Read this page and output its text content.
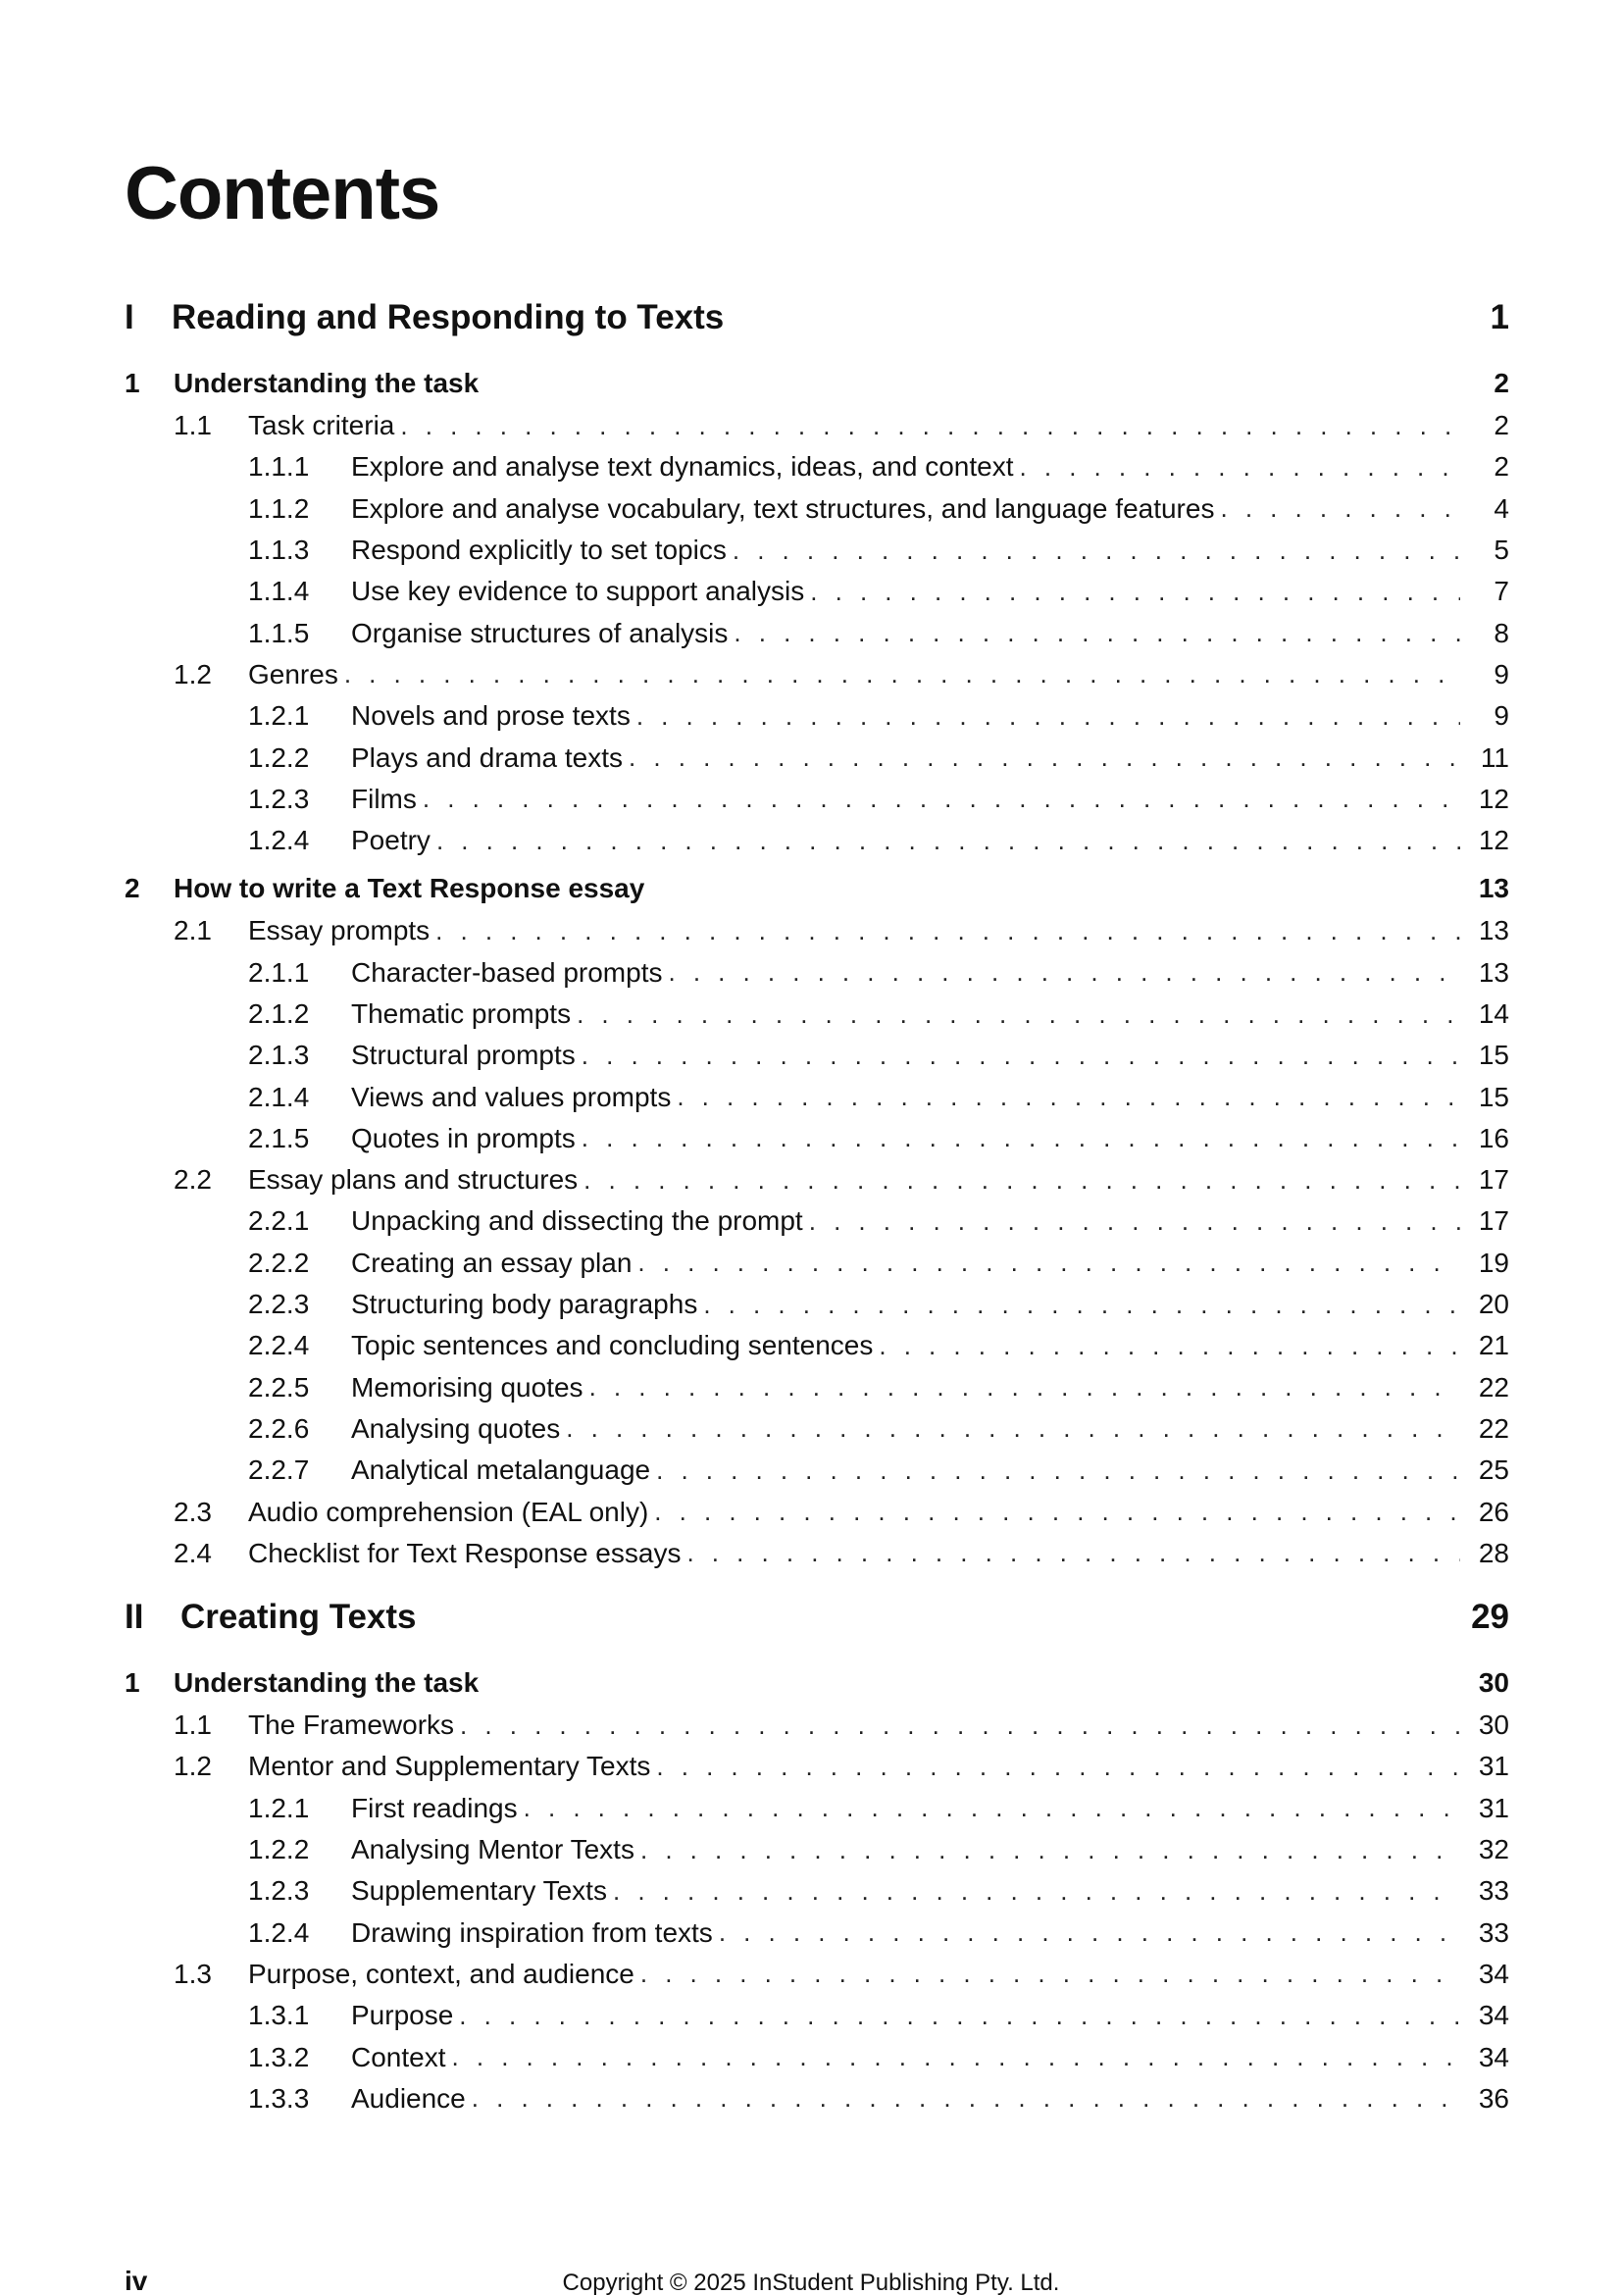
Contents
I	Reading and Responding to Texts	1
1	Understanding the task	2
1.1	Task criteria . . .	2
1.1.1	Explore and analyse text dynamics, ideas, and context . . .	2
1.1.2	Explore and analyse vocabulary, text structures, and language features . . .	4
1.1.3	Respond explicitly to set topics . . .	5
1.1.4	Use key evidence to support analysis . . .	7
1.1.5	Organise structures of analysis . . .	8
1.2	Genres . . .	9
1.2.1	Novels and prose texts . . .	9
1.2.2	Plays and drama texts . . .	11
1.2.3	Films . . .	12
1.2.4	Poetry . . .	12
2	How to write a Text Response essay	13
2.1	Essay prompts . . .	13
2.1.1	Character-based prompts . . .	13
2.1.2	Thematic prompts . . .	14
2.1.3	Structural prompts . . .	15
2.1.4	Views and values prompts . . .	15
2.1.5	Quotes in prompts . . .	16
2.2	Essay plans and structures . . .	17
2.2.1	Unpacking and dissecting the prompt . . .	17
2.2.2	Creating an essay plan . . .	19
2.2.3	Structuring body paragraphs . . .	20
2.2.4	Topic sentences and concluding sentences . . .	21
2.2.5	Memorising quotes . . .	22
2.2.6	Analysing quotes . . .	22
2.2.7	Analytical metalanguage . . .	25
2.3	Audio comprehension (EAL only) . . .	26
2.4	Checklist for Text Response essays . . .	28
II	Creating Texts	29
1	Understanding the task	30
1.1	The Frameworks . . .	30
1.2	Mentor and Supplementary Texts . . .	31
1.2.1	First readings . . .	31
1.2.2	Analysing Mentor Texts . . .	32
1.2.3	Supplementary Texts . . .	33
1.2.4	Drawing inspiration from texts . . .	33
1.3	Purpose, context, and audience . . .	34
1.3.1	Purpose . . .	34
1.3.2	Context . . .	34
1.3.3	Audience . . .	36
iv	Copyright © 2025 InStudent Publishing Pty. Ltd.
